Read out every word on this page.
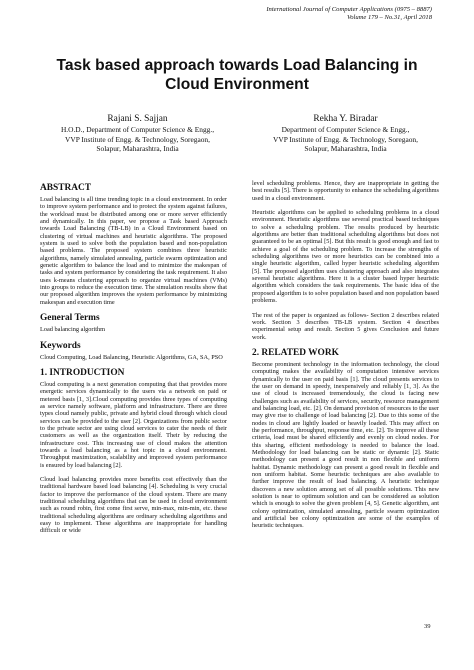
International Journal of Computer Applications (0975 – 8887)
Volume 179 – No.31, April 2018
Task based approach towards Load Balancing in Cloud Environment
Rajani S. Sajjan
H.O.D., Department of Computer Science & Engg.,
VVP Institute of Engg. & Technology, Soregaon,
Solapur, Maharashtra, India
Rekha Y. Biradar
Department of Computer Science & Engg.,
VVP Institute of Engg. & Technology, Soregaon,
Solapur, Maharashtra, India
ABSTRACT

Load balancing is all time trending topic in a cloud environment. In order to improve system performance and to protect the system against failures, the workload must be distributed among one or more server efficiently and dynamically. In this paper, we propose a Task based Approach towards Load Balancing (TB-LB) in a Cloud Environment based on clustering of virtual machines and heuristic algorithms. The proposed system is used to solve both the population based and non-population based problems. The proposed system combines three heuristic algorithms, namely simulated annealing, particle swarm optimization and genetic algorithm to balance the load and to minimize the makespan of tasks and system performance by considering the task requirement. It also uses k-means clustering approach to organize virtual machines (VMs) into groups to reduce the execution time. The simulation results show that our proposed algorithm improves the system performance by minimizing makespan and execution time

General Terms

Load balancing algorithm

Keywords

Cloud Computing, Load Balancing, Heuristic Algorithms, GA, SA, PSO

1. INTRODUCTION

Cloud computing is a next generation computing that that provides more energetic services dynamically to the users via a network on paid or metered basis [1, 3].Cloud computing provides three types of computing as service namely software, platform and infrastructure. There are three types cloud namely public, private and hybrid cloud through which cloud services can be provided to the user [2]. Organizations from public sector to the private sector are using cloud services to cater the needs of their customers as well as the organization itself. Their by reducing the infrastructure cost. This increasing use of cloud makes the attention towards a load balancing as a hot topic in a cloud environment. Throughput maximization, scalability and improved system performance is ensured by load balancing [2].

Cloud load balancing provides more benefits cost effectively than the traditional hardware based load balancing [4]. Scheduling is very crucial factor to improve the performance of the cloud system. There are many traditional scheduling algorithms that can be used in cloud environment such as round robin, first come first serve, min-max, min-min, etc. these traditional scheduling algorithms are ordinary scheduling algorithms and easy to implement. These algorithms are inappropriate for handling difficult or wide

level scheduling problems. Hence, they are inappropriate in getting the best results [5]. There is opportunity to enhance the scheduling algorithms used in a cloud environment.

Heuristic algorithms can be applied to scheduling problems in a cloud environment. Heuristic algorithms use several practical based techniques to solve a scheduling problem. The results produced by heuristic algorithms are better than traditional scheduling algorithms but does not guaranteed to be an optimal [5]. But this result is good enough and fast to achieve a goal of the scheduling problem. To increase the strengths of scheduling algorithms two or more heuristics can be combined into a single heuristic algorithm, called hyper heuristic scheduling algorithm [5]. The proposed algorithm uses clustering approach and also integrates several heuristic algorithms. Here it is a cluster based hyper heuristic algorithm which considers the task requirements. The basic idea of the proposed algorithm is to solve population based and non population based problems.

The rest of the paper is organized as follows- Section 2 describes related work. Section 3 describes TB-LB system. Section 4 describes experimental setup and result. Section 5 gives Conclusion and future work.

2. RELATED WORK

Become prominent technology in the information technology, the cloud computing makes the availability of computation intensive services dynamically to the user on paid basis [1]. The cloud presents services to the user on demand in speedy, inexpensively and reliably [1, 3]. As the use of cloud is increased tremendously, the cloud is facing new challenges such as availability of services, security, resource management and balancing load, etc. [2]. On demand provision of resources to the user may give rise to challenge of load balancing [2]. Due to this some of the nodes in cloud are lightly loaded or heavily loaded. This may affect on the performance, throughput, response time, etc. [2]. To improve all these criteria, load must be shared efficiently and evenly on cloud nodes. For this sharing, efficient methodology is needed to balance the load. Methodology for load balancing can be static or dynamic [2]. Static methodology can present a good result in non flexible and uniform habitat. Dynamic methodology can present a good result in flexible and non uniform habitat. Some heuristic techniques are also available to further improve the result of load balancing. A heuristic technique discovers a new solution among set of all possible solutions. This new solution is near to optimum solution and can be considered as solution which is enough to solve the given problem [4, 5]. Genetic algorithm, ant colony optimization, simulated annealing, particle swarm optimization and artificial bee colony optimization are some of the examples of heuristic techniques.

39
